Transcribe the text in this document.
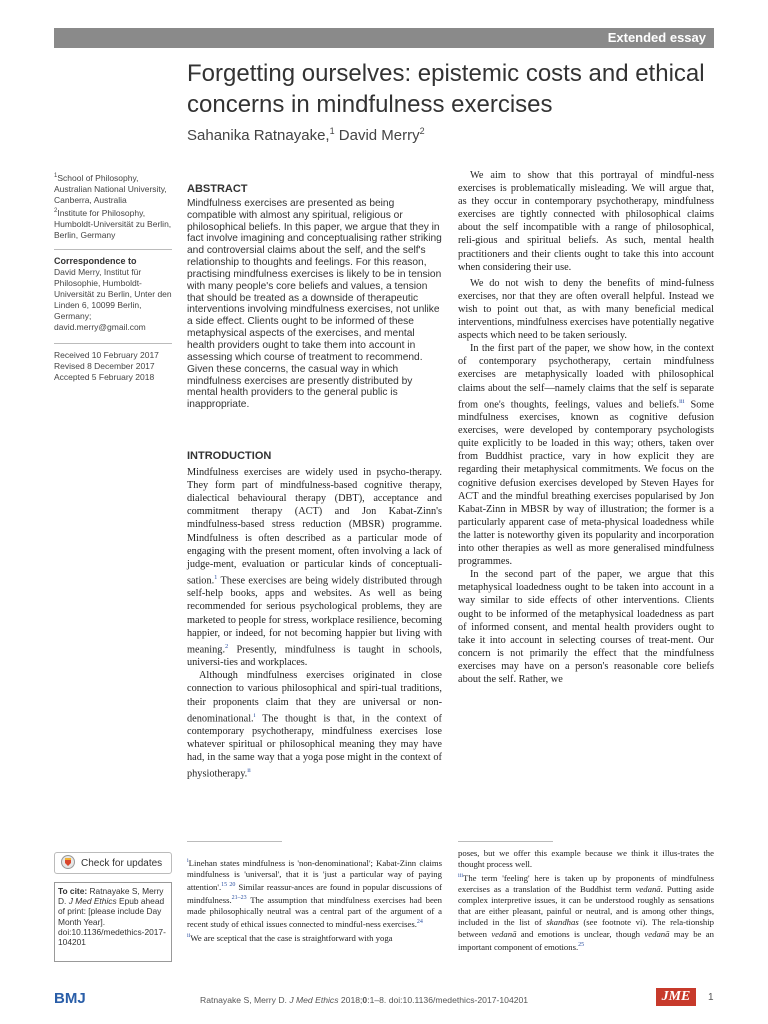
Extended essay
Forgetting ourselves: epistemic costs and ethical concerns in mindfulness exercises
Sahanika Ratnayake,$^1$ David Merry$^2$

$^1$School of Philosophy, Australian National University, Canberra, Australia

$^2$Institute for Philosophy, Humboldt-Universität zu Berlin, Berlin, Germany

Correspondence to

David Merry, Institut für Philosophie, Humboldt-Universität zu Berlin, Unter den Linden 6, 10099 Berlin, Germany; david.merry@gmail.com

Received 10 February 2017

Revised 8 December 2017

Accepted 5 February 2018

ABSTRACT

Mindfulness exercises are presented as being compatible with almost any spiritual, religious or philosophical beliefs. In this paper, we argue that they in fact involve imagining and conceptualising rather striking and controversial claims about the self, and the self's relationship to thoughts and feelings. For this reason, practising mindfulness exercises is likely to be in tension with many people's core beliefs and values, a tension that should be treated as a downside of therapeutic interventions involving mindfulness exercises, not unlike a side effect. Clients ought to be informed of these metaphysical aspects of the exercises, and mental health providers ought to take them into account in assessing which course of treatment to recommend. Given these concerns, the casual way in which mindfulness exercises are presently distributed by mental health providers to the general public is inappropriate.

INTRODUCTION

Mindfulness exercises are widely used in psycho-therapy. They form part of mindfulness-based cognitive therapy, dialectical behavioural therapy (DBT), acceptance and commitment therapy (ACT) and Jon Kabat-Zinn's mindfulness-based stress reduction (MBSR) programme. Mindfulness is often described as a particular mode of engaging with the present moment, often involving a lack of judge-ment, evaluation or particular kinds of conceptuali-sation.$^1$ These exercises are being widely distributed through self-help books, apps and websites. As well as being recommended for serious psychological problems, they are marketed to people for stress, workplace resilience, becoming happier, or indeed, for not becoming happier but living with meaning.$^2$ Presently, mindfulness is taught in schools, universi-ties and workplaces.

Although mindfulness exercises originated in close connection to various philosophical and spiri-tual traditions, their proponents claim that they are universal or non-denominational.$^i$ The thought is that, in the context of contemporary psychotherapy, mindfulness exercises lose whatever spiritual or philosophical meaning they may have had, in the same way that a yoga pose might in the context of physiotherapy.$^{ii}$

We aim to show that this portrayal of mindful-ness exercises is problematically misleading. We will argue that, as they occur in contemporary psychotherapy, mindfulness exercises are tightly connected with philosophical claims about the self incompatible with a range of philosophical, reli-gious and spiritual beliefs. As such, mental health practitioners and their clients ought to take this into account when considering their use.

We do not wish to deny the benefits of mind-fulness exercises, nor that they are often overall helpful. Instead we wish to point out that, as with many beneficial medical interventions, mindfulness exercises have potentially negative aspects which need to be taken seriously.

In the first part of the paper, we show how, in the context of contemporary psychotherapy, certain mindfulness exercises are metaphysically loaded with philosophical claims about the self—namely claims that the self is separate from one's thoughts, feelings, values and beliefs.$^{iii}$ Some mindfulness exercises, known as cognitive defusion exercises, were developed by contemporary psychologists quite explicitly to be loaded in this way; others, taken over from Buddhist practice, vary in how explicit they are regarding their metaphysical commitments. We focus on the cognitive defusion exercises developed by Steven Hayes for ACT and the mindful breathing exercises popularised by Jon Kabat-Zinn in MBSR by way of illustration; the former is a particularly apparent case of meta-physical loadedness while the latter is noteworthy given its popularity and incorporation into other therapies as well as more generalised mindfulness programmes.

In the second part of the paper, we argue that this metaphysical loadedness ought to be taken into account in a way similar to side effects of other interventions. Clients ought to be informed of the metaphysical loadedness as part of informed consent, and mental health providers ought to take it into account in selecting courses of treat-ment. Our concern is not primarily the effect that the mindfulness exercises may have on a person's reasonable core beliefs about the self. Rather, we

$^i$Linehan states mindfulness is 'non-denominational'; Kabat-Zinn claims mindfulness is 'universal', that it is 'just a particular way of paying attention'.$^{15 20}$ Similar reassur-ances are found in popular discussions of mindfulness.$^{21-23}$ The assumption that mindfulness exercises had been made philosophically neutral was a central part of the argument of a recent study of ethical issues connected to mindful-ness exercises.$^{24}$

$^{ii}$We are sceptical that the case is straightforward with yoga

poses, but we offer this example because we think it illus-trates the thought process well.

$^{iii}$The term 'feeling' here is taken up by proponents of mindfulness exercises as a translation of the Buddhist term vedanā. Putting aside complex interpretive issues, it can be understood roughly as sensations that are either pleasant, painful or neutral, and is among other things, included in the list of skandhas (see footnote vi). The rela-tionship between vedanā and emotions is unclear, though vedanā may be an important component of emotions.$^{25}$

Check for updates
To cite: Ratnayake S, Merry D. J Med Ethics Epub ahead of print: [please include Day Month Year]. doi:10.1136/medethics-2017-104201
BMJ	Ratnayake S, Merry D. J Med Ethics 2018;0:1–8. doi:10.1136/medethics-2017-104201	JME	1
